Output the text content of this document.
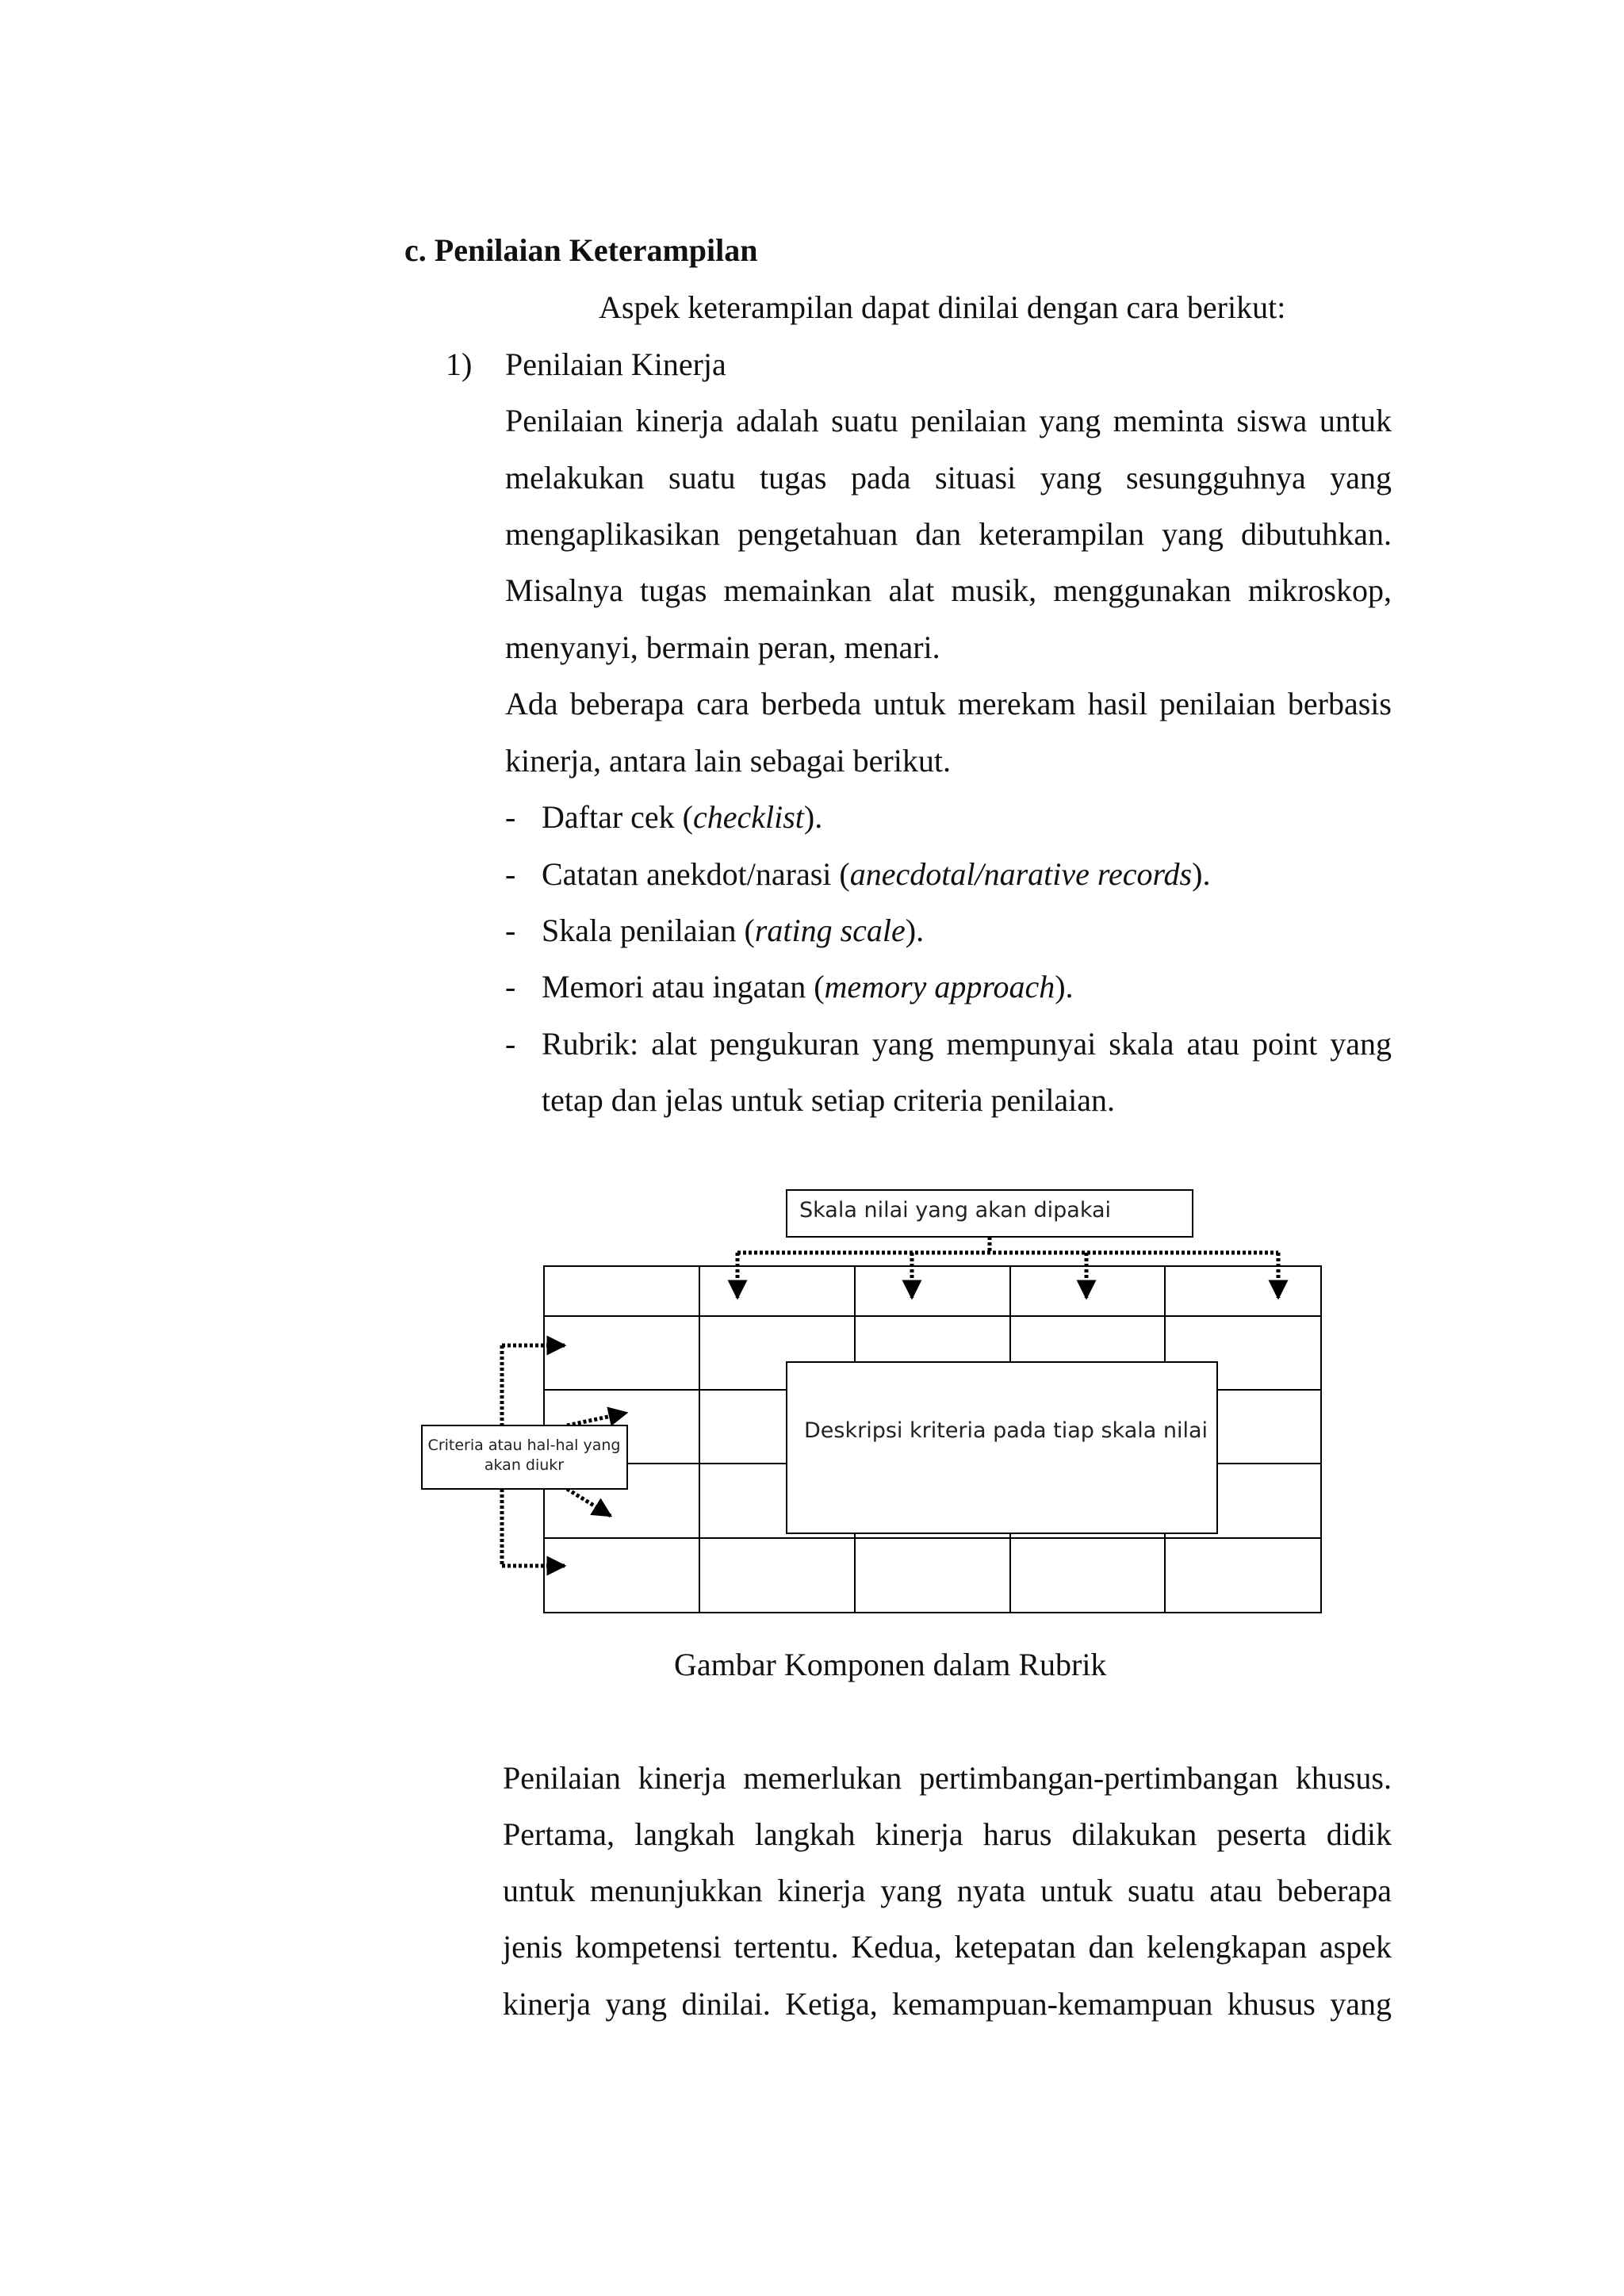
c. Penilaian Keterampilan
Aspek keterampilan dapat dinilai dengan cara berikut:
1) Penilaian Kinerja
Penilaian kinerja adalah suatu penilaian yang meminta siswa untuk
melakukan suatu tugas pada situasi yang sesungguhnya yang
mengaplikasikan pengetahuan dan keterampilan yang dibutuhkan.
Misalnya tugas memainkan alat musik, menggunakan mikroskop,
menyanyi, bermain peran, menari.
Ada beberapa cara berbeda untuk merekam hasil penilaian berbasis
kinerja, antara lain sebagai berikut.
- Daftar cek (checklist).
- Catatan anekdot/narasi (anecdotal/narative records).
- Skala penilaian (rating scale).
- Memori atau ingatan (memory approach).
- Rubrik: alat pengukuran yang mempunyai skala atau point yang
tetap dan jelas untuk setiap criteria penilaian.
Skala nilai yang akan dipakai
Deskripsi kriteria pada tiap skala nilai
Criteria atau hal-hal yang
akan diukr
Gambar Komponen dalam Rubrik
Penilaian kinerja memerlukan pertimbangan-pertimbangan khusus.
Pertama, langkah langkah kinerja harus dilakukan peserta didik
untuk menunjukkan kinerja yang nyata untuk suatu atau beberapa
jenis kompetensi tertentu. Kedua, ketepatan dan kelengkapan aspek
kinerja yang dinilai. Ketiga, kemampuan-kemampuan khusus yang
